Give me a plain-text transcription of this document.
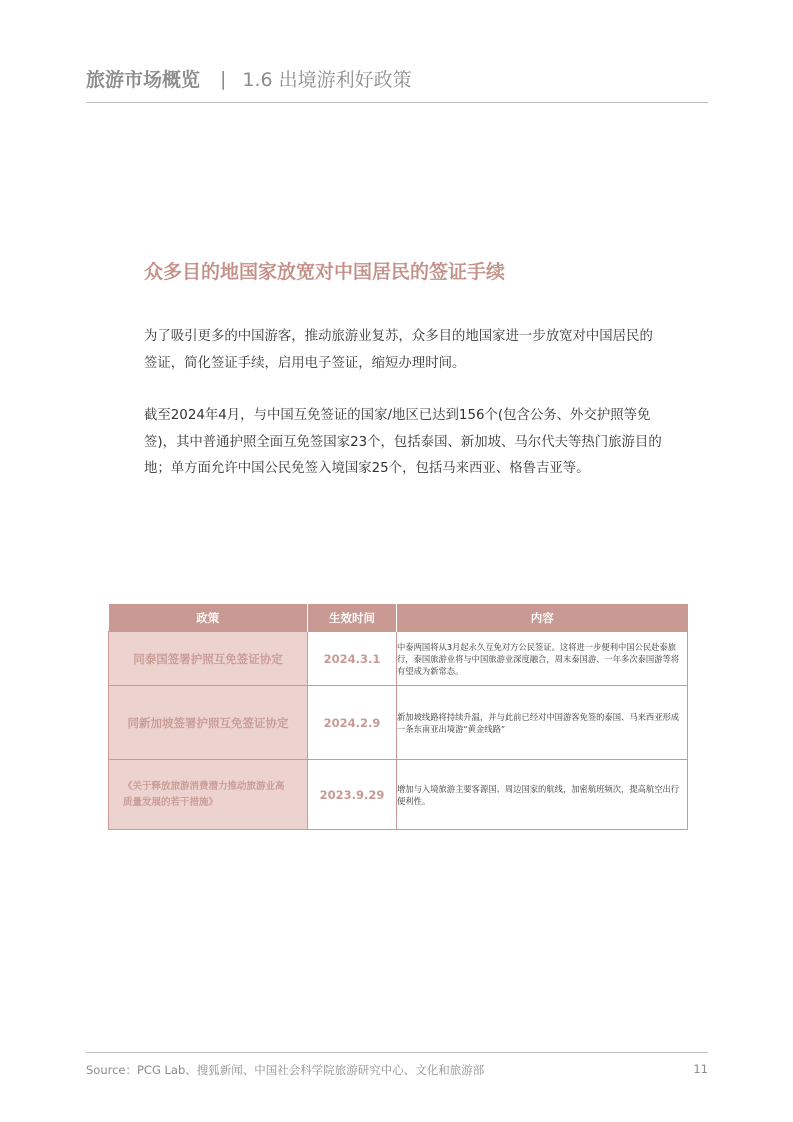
旅游市场概览 | 1.6 出境游利好政策
众多目的地国家放宽对中国居民的签证手续

为了吸引更多的中国游客，推动旅游业复苏，众多目的地国家进一步放宽对中国居民的签证，简化签证手续，启用电子签证，缩短办理时间。

截至2024年4月，与中国互免签证的国家/地区已达到156个(包含公务、外交护照等免签)，其中普通护照全面互免签国家23个，包括泰国、新加坡、马尔代夫等热门旅游目的地；单方面允许中国公民免签入境国家25个，包括马来西亚、格鲁吉亚等。

政策	生效时间	内容
同泰国签署护照互免签证协定	2024.3.1	中泰两国将从3月起永久互免对方公民签证。这将进一步便利中国公民赴泰旅行，泰国旅游业将与中国旅游业深度融合，周末泰国游、一年多次泰国游等将有望成为新常态。
同新加坡签署护照互免签证协定	2024.2.9	新加坡线路将持续升温，并与此前已经对中国游客免签的泰国、马来西亚形成一条东南亚出境游“黄金线路”
《关于释放旅游消费潜力推动旅游业高质量发展的若干措施》	2023.9.29	增加与入境旅游主要客源国、周边国家的航线，加密航班频次，提高航空出行便利性。
Source：PCG Lab、搜狐新闻、中国社会科学院旅游研究中心、文化和旅游部	11
